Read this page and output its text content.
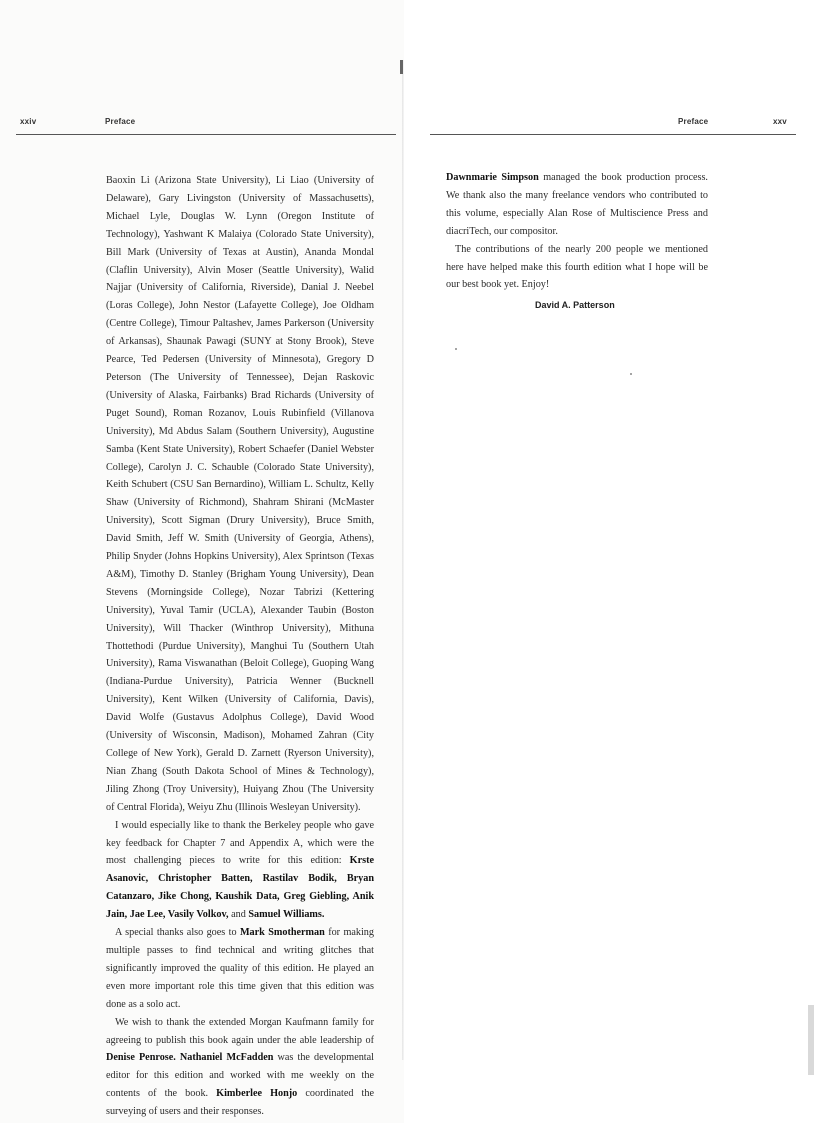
xxiv	Preface	Preface	xxv

Baoxin Li (Arizona State University), Li Liao (University of Delaware), Gary Livingston (University of Massachusetts), Michael Lyle, Douglas W. Lynn (Oregon Institute of Technology), Yashwant K Malaiya (Colorado State University), Bill Mark (University of Texas at Austin), Ananda Mondal (Claflin University), Alvin Moser (Seattle University), Walid Najjar (University of California, Riverside), Danial J. Neebel (Loras College), John Nestor (Lafayette College), Joe Oldham (Centre College), Timour Paltashev, James Parkerson (University of Arkansas), Shaunak Pawagi (SUNY at Stony Brook), Steve Pearce, Ted Pedersen (University of Minnesota), Gregory D Peterson (The University of Tennessee), Dejan Raskovic (University of Alaska, Fairbanks) Brad Richards (University of Puget Sound), Roman Rozanov, Louis Rubinfield (Villanova University), Md Abdus Salam (Southern University), Augustine Samba (Kent State University), Robert Schaefer (Daniel Webster College), Carolyn J. C. Schauble (Colorado State University), Keith Schubert (CSU San Bernardino), William L. Schultz, Kelly Shaw (University of Richmond), Shahram Shirani (McMaster University), Scott Sigman (Drury University), Bruce Smith, David Smith, Jeff W. Smith (University of Georgia, Athens), Philip Snyder (Johns Hopkins University), Alex Sprintson (Texas A&M), Timothy D. Stanley (Brigham Young University), Dean Stevens (Morningside College), Nozar Tabrizi (Kettering University), Yuval Tamir (UCLA), Alexander Taubin (Boston University), Will Thacker (Winthrop University), Mithuna Thottethodi (Purdue University), Manghui Tu (Southern Utah University), Rama Viswanathan (Beloit College), Guoping Wang (Indiana-Purdue University), Patricia Wenner (Bucknell University), Kent Wilken (University of California, Davis), David Wolfe (Gustavus Adolphus College), David Wood (University of Wisconsin, Madison), Mohamed Zahran (City College of New York), Gerald D. Zarnett (Ryerson University), Nian Zhang (South Dakota School of Mines & Technology), Jiling Zhong (Troy University), Huiyang Zhou (The University of Central Florida), Weiyu Zhu (Illinois Wesleyan University).

I would especially like to thank the Berkeley people who gave key feedback for Chapter 7 and Appendix A, which were the most challenging pieces to write for this edition: Krste Asanovic, Christopher Batten, Rastilav Bodik, Bryan Catanzaro, Jike Chong, Kaushik Data, Greg Giebling, Anik Jain, Jae Lee, Vasily Volkov, and Samuel Williams.

A special thanks also goes to Mark Smotherman for making multiple passes to find technical and writing glitches that significantly improved the quality of this edition. He played an even more important role this time given that this edition was done as a solo act.

We wish to thank the extended Morgan Kaufmann family for agreeing to publish this book again under the able leadership of Denise Penrose. Nathaniel McFadden was the developmental editor for this edition and worked with me weekly on the contents of the book. Kimberlee Honjo coordinated the surveying of users and their responses.

Dawnmarie Simpson managed the book production process. We thank also the many freelance vendors who contributed to this volume, especially Alan Rose of Multiscience Press and diacriTech, our compositor.

The contributions of the nearly 200 people we mentioned here have helped make this fourth edition what I hope will be our best book yet. Enjoy!

David A. Patterson
